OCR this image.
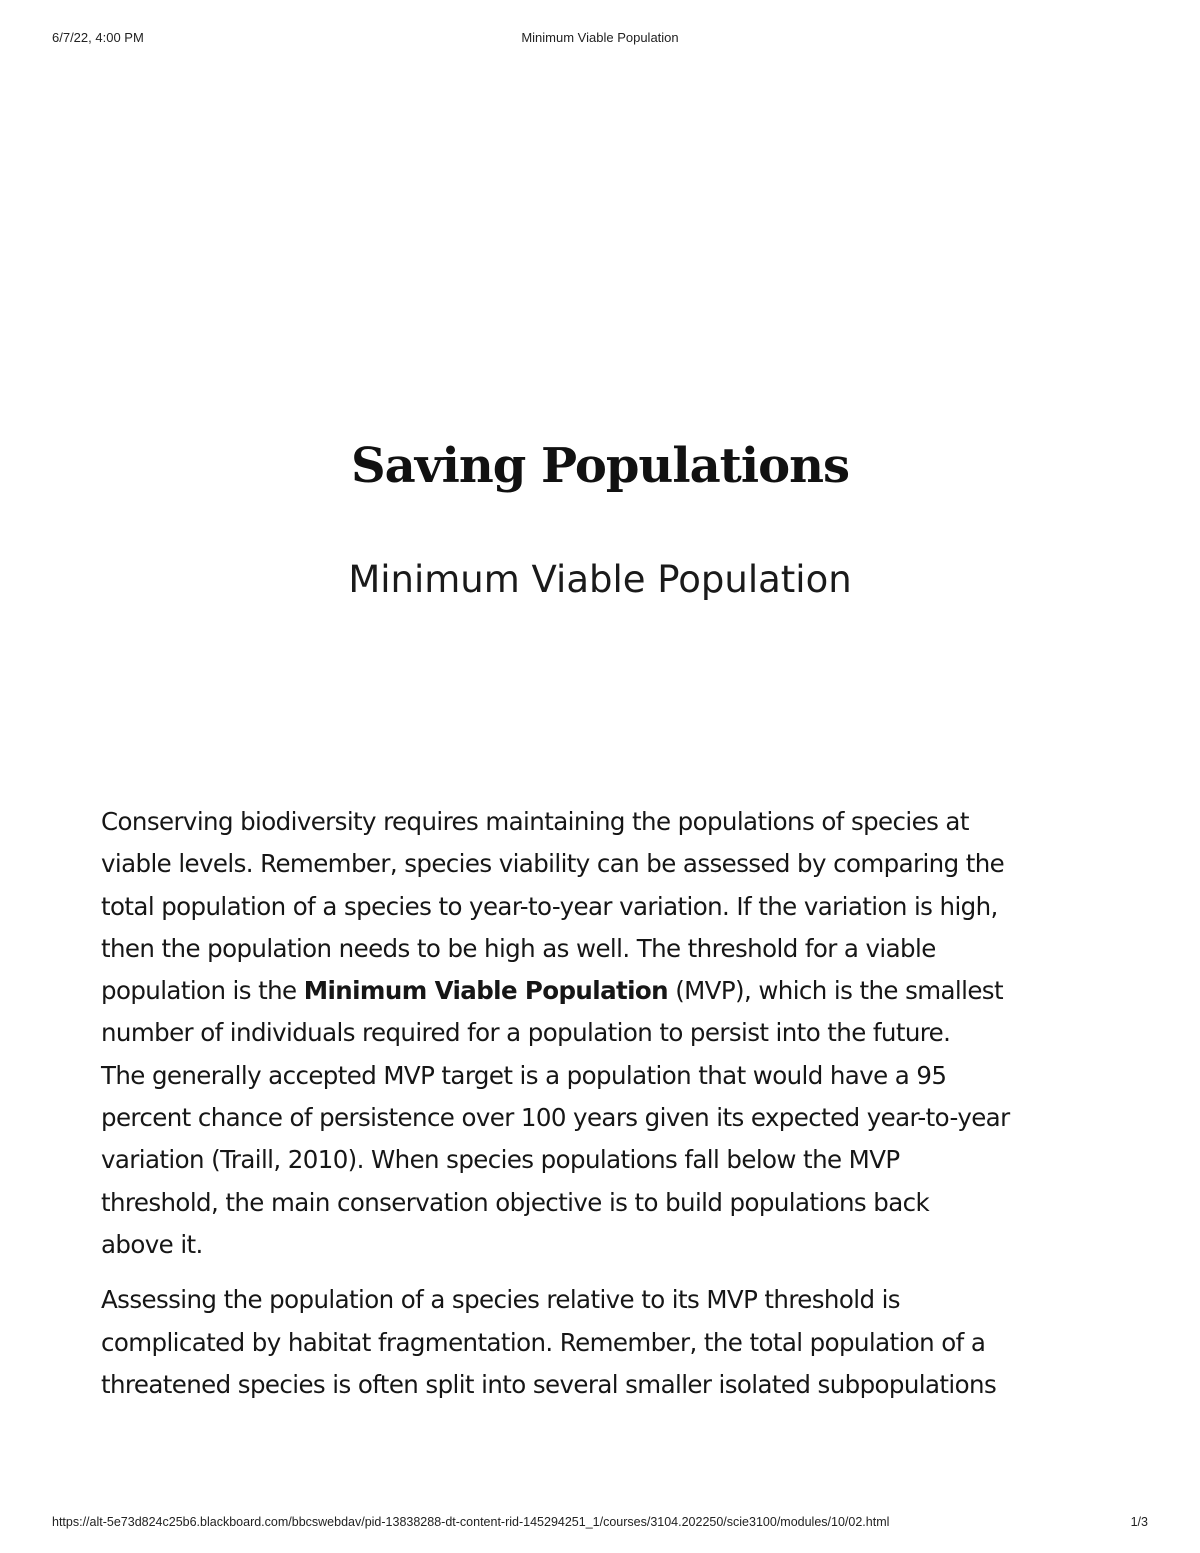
6/7/22, 4:00 PM	Minimum Viable Population
Saving Populations
Minimum Viable Population

Conserving biodiversity requires maintaining the populations of species at
viable levels. Remember, species viability can be assessed by comparing the
total population of a species to year-to-year variation. If the variation is high,
then the population needs to be high as well. The threshold for a viable
population is the Minimum Viable Population (MVP), which is the smallest
number of individuals required for a population to persist into the future.
The generally accepted MVP target is a population that would have a 95
percent chance of persistence over 100 years given its expected year-to-year
variation (Traill, 2010). When species populations fall below the MVP
threshold, the main conservation objective is to build populations back
above it.

Assessing the population of a species relative to its MVP threshold is
complicated by habitat fragmentation. Remember, the total population of a
threatened species is often split into several smaller isolated subpopulations

https://alt-5e73d824c25b6.blackboard.com/bbcswebdav/pid-13838288-dt-content-rid-145294251_1/courses/3104.202250/scie3100/modules/10/02.html	1/3
